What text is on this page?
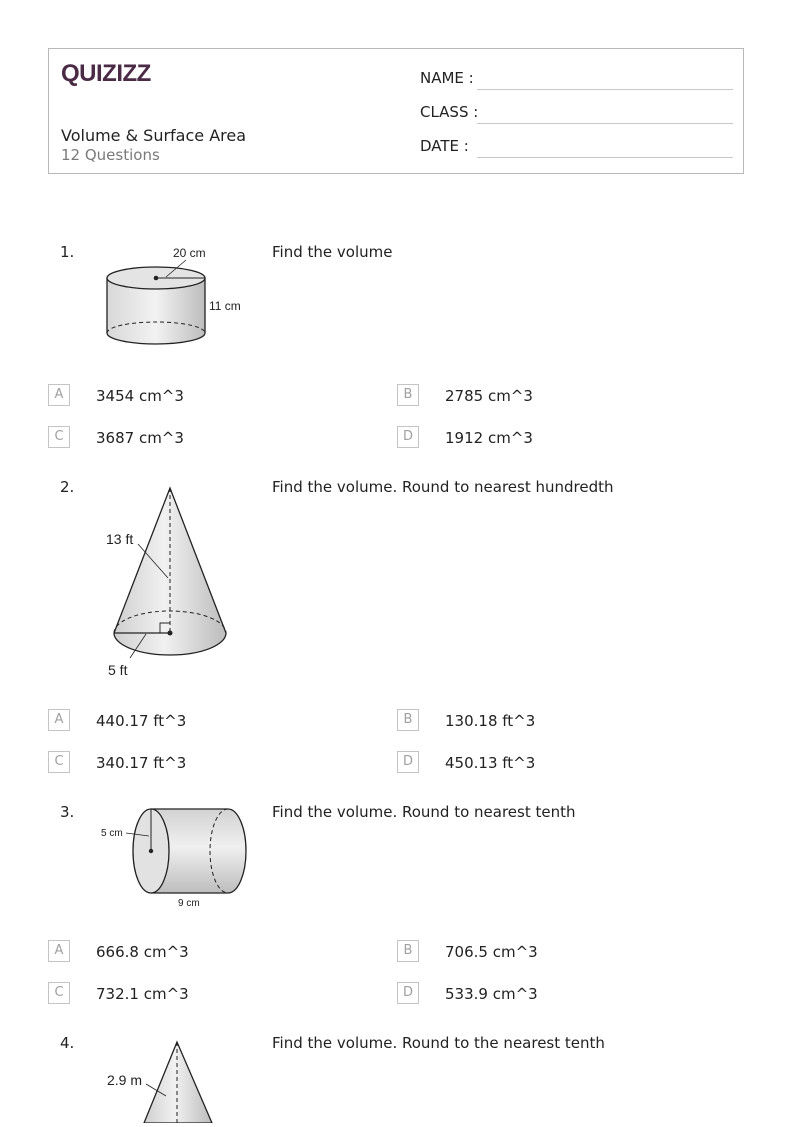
QUIZIZZ
Volume & Surface Area
12 Questions
NAME :
CLASS :
DATE :
1.	Find the volume
20 cm
11 cm
A	3454 cm^3	B	2785 cm^3
C	3687 cm^3	D	1912 cm^3
2.	Find the volume. Round to nearest hundredth
13 ft
5 ft
A	440.17 ft^3	B	130.18 ft^3
C	340.17 ft^3	D	450.13 ft^3
3.	Find the volume. Round to nearest tenth
5 cm
9 cm
A	666.8 cm^3	B	706.5 cm^3
C	732.1 cm^3	D	533.9 cm^3
4.	Find the volume. Round to the nearest tenth
2.9 m
